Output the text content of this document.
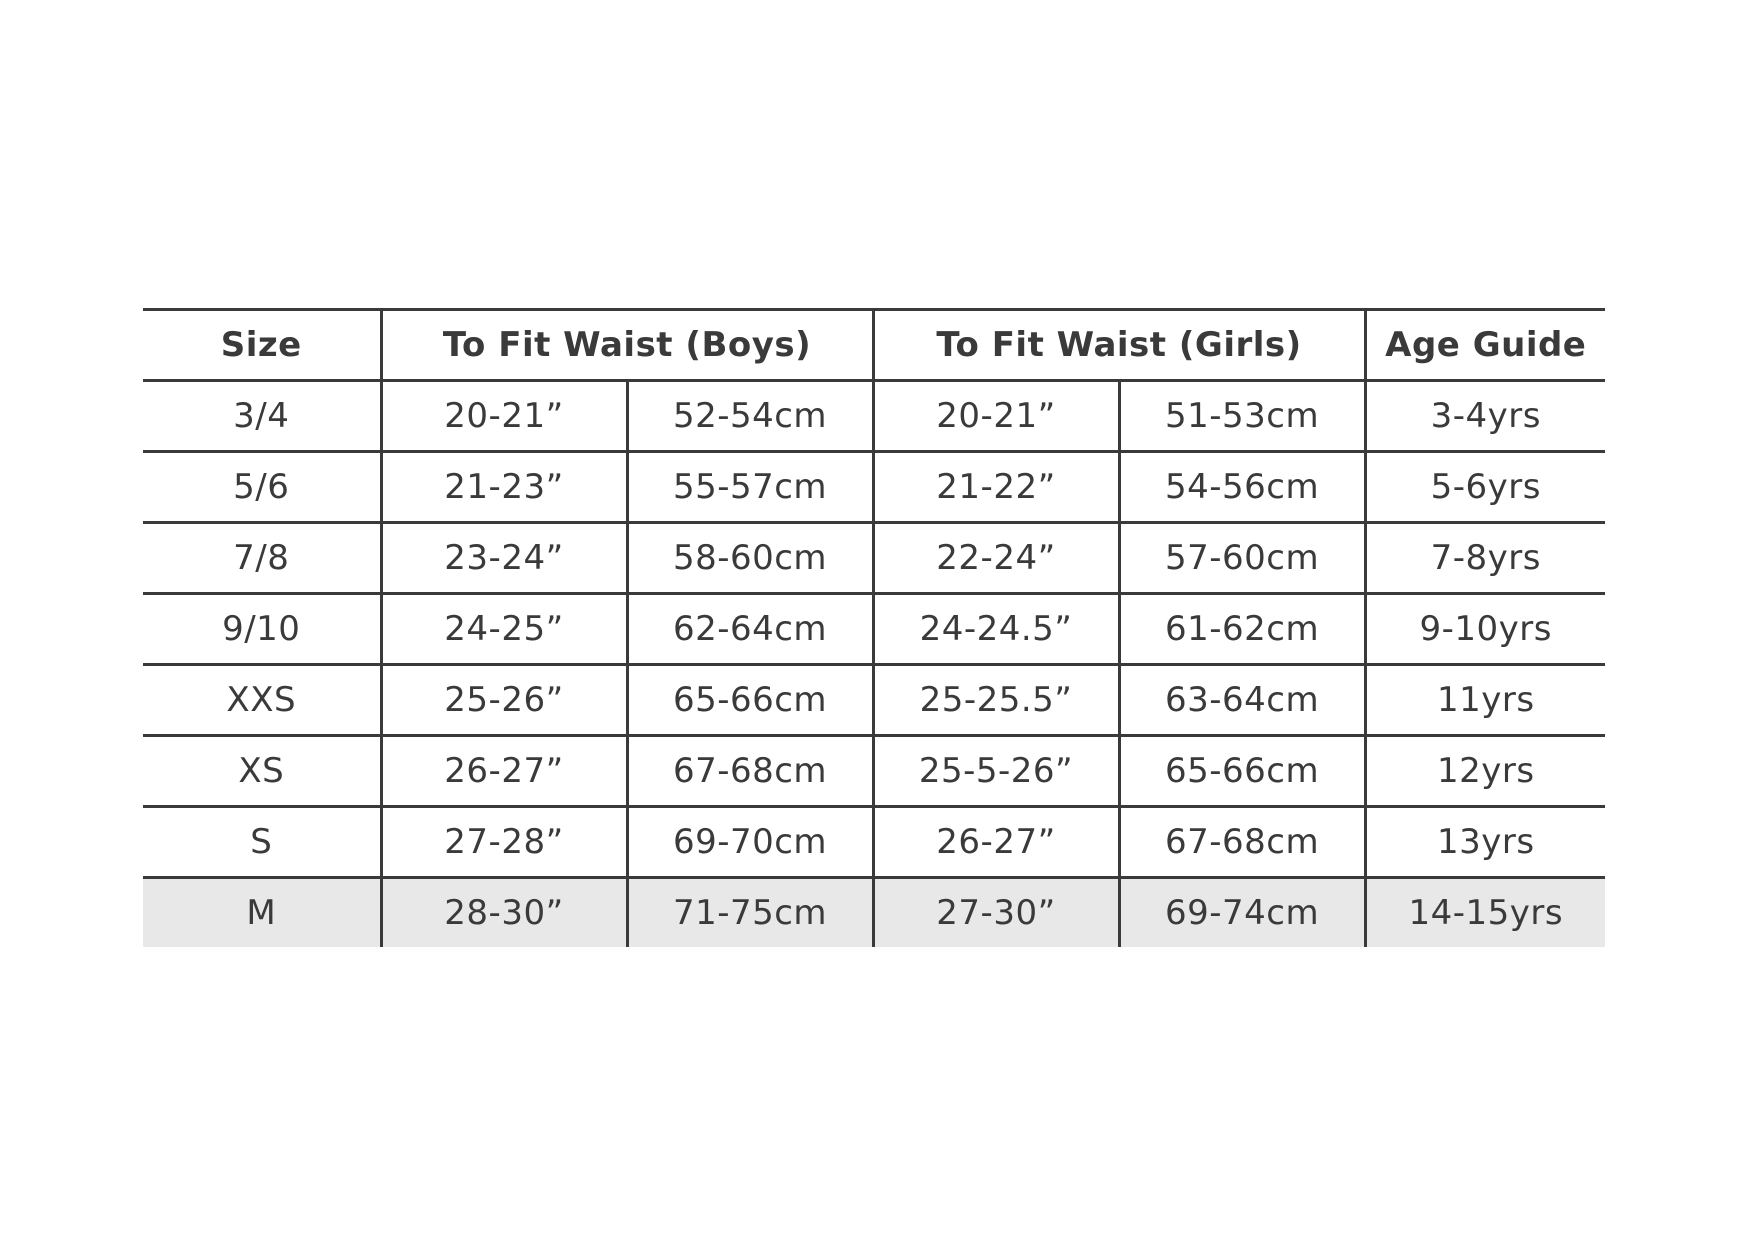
Size	To Fit Waist (Boys)		To Fit Waist (Girls)		Age Guide
3/4	20-21”	52-54cm	20-21”	51-53cm	3-4yrs
5/6	21-23”	55-57cm	21-22”	54-56cm	5-6yrs
7/8	23-24”	58-60cm	22-24”	57-60cm	7-8yrs
9/10	24-25”	62-64cm	24-24.5”	61-62cm	9-10yrs
XXS	25-26”	65-66cm	25-25.5”	63-64cm	11yrs
XS	26-27”	67-68cm	25-5-26”	65-66cm	12yrs
S	27-28”	69-70cm	26-27”	67-68cm	13yrs
M	28-30”	71-75cm	27-30”	69-74cm	14-15yrs
